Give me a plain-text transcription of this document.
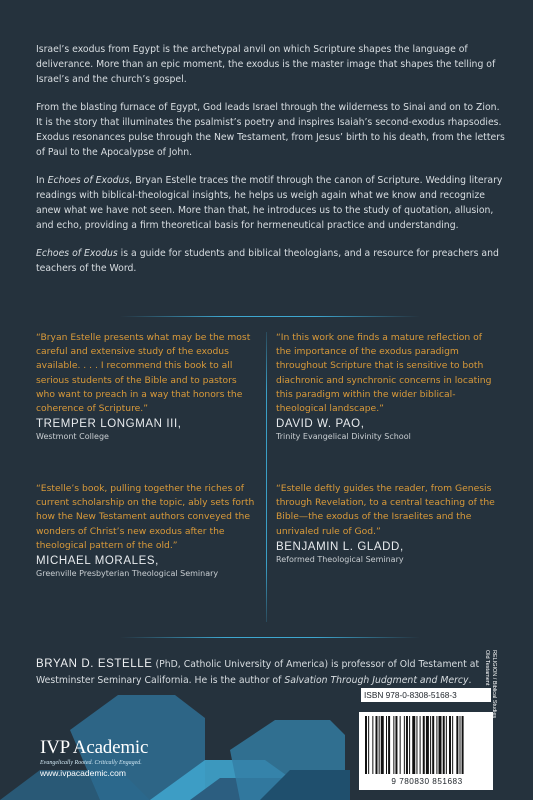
Israel’s exodus from Egypt is the archetypal anvil on which Scripture shapes the language of deliverance. More than an epic moment, the exodus is the master image that shapes the telling of Israel’s and the church’s gospel.

From the blasting furnace of Egypt, God leads Israel through the wilderness to Sinai and on to Zion. It is the story that illuminates the psalmist’s poetry and inspires Isaiah’s second-exodus rhapsodies. Exodus resonances pulse through the New Testament, from Jesus’ birth to his death, from the letters of Paul to the Apocalypse of John.

In Echoes of Exodus, Bryan Estelle traces the motif through the canon of Scripture. Wedding literary readings with biblical-theological insights, he helps us weigh again what we know and recognize anew what we have not seen. More than that, he introduces us to the study of quotation, allusion, and echo, providing a firm theoretical basis for hermeneutical practice and understanding.

Echoes of Exodus is a guide for students and biblical theologians, and a resource for preachers and teachers of the Word.

“Bryan Estelle presents what may be the most careful and extensive study of the exodus available. . . . I recommend this book to all serious students of the Bible and to pastors who want to preach in a way that honors the coherence of Scripture.”

TREMPER LONGMAN III,
Westmont College

“In this work one finds a mature reflection of the importance of the exodus paradigm throughout Scripture that is sensitive to both diachronic and synchronic concerns in locating this paradigm within the wider biblical-theological landscape.”

DAVID W. PAO,
Trinity Evangelical Divinity School

“Estelle’s book, pulling together the riches of current scholarship on the topic, ably sets forth how the New Testament authors conveyed the wonders of Christ’s new exodus after the theological pattern of the old.”

MICHAEL MORALES,
Greenville Presbyterian Theological Seminary

“Estelle deftly guides the reader, from Genesis through Revelation, to a central teaching of the Bible—the exodus of the Israelites and the unrivaled rule of God.”

BENJAMIN L. GLADD,
Reformed Theological Seminary
BRYAN D. ESTELLE (PhD, Catholic University of America) is professor of Old Testament at Westminster Seminary California. He is the author of Salvation Through Judgment and Mercy.
IVP Academic
Evangelically Rooted. Critically Engaged.
www.ivpacademic.com
ISBN 978-0-8308-5168-3
9 780830 851683
RELIGION / Biblical Studies
Old Testament
